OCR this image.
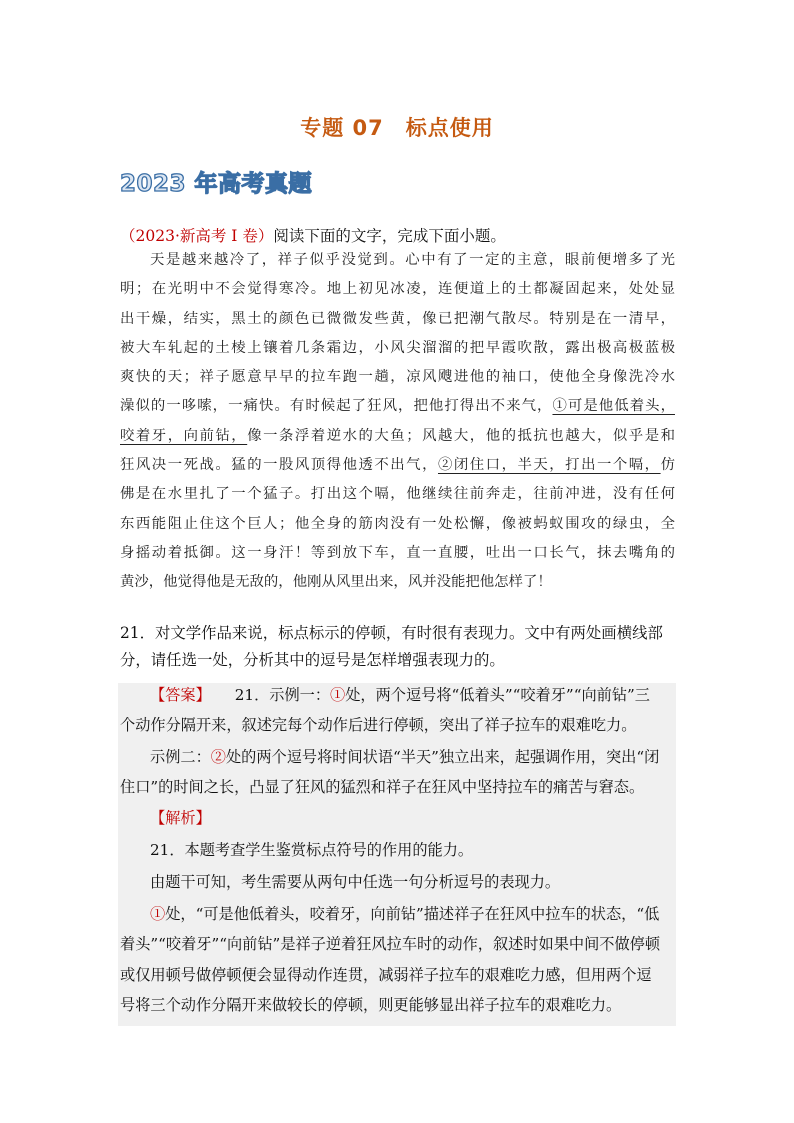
专题 07　标点使用
2023 年高考真题
（2023·新高考 I 卷）阅读下面的文字，完成下面小题。
天是越来越冷了，祥子似乎没觉到。心中有了一定的主意，眼前便增多了光
明；在光明中不会觉得寒冷。地上初见冰凌，连便道上的土都凝固起来，处处显
出干燥，结实，黑土的颜色已微微发些黄，像已把潮气散尽。特别是在一清早，
被大车轧起的土棱上镶着几条霜边，小风尖溜溜的把早霞吹散，露出极高极蓝极
爽快的天；祥子愿意早早的拉车跑一趟，凉风飕进他的袖口，使他全身像洗冷水
澡似的一哆嗦，一痛快。有时候起了狂风，把他打得出不来气，①可是他低着头，
咬着牙，向前钻，像一条浮着逆水的大鱼；风越大，他的抵抗也越大，似乎是和
狂风决一死战。猛的一股风顶得他透不出气，②闭住口，半天，打出一个嗝，仿
佛是在水里扎了一个猛子。打出这个嗝，他继续往前奔走，往前冲进，没有任何
东西能阻止住这个巨人；他全身的筋肉没有一处松懈，像被蚂蚁围攻的绿虫，全
身摇动着抵御。这一身汗！等到放下车，直一直腰，吐出一口长气，抹去嘴角的
黄沙，他觉得他是无敌的，他刚从风里出来，风并没能把他怎样了！
21．对文学作品来说，标点标示的停顿，有时很有表现力。文中有两处画横线部
分，请任选一处，分析其中的逗号是怎样增强表现力的。
【答案】 21．示例一：①处，两个逗号将“低着头”“咬着牙”“向前钻”三
个动作分隔开来，叙述完每个动作后进行停顿，突出了祥子拉车的艰难吃力。
示例二：②处的两个逗号将时间状语“半天”独立出来，起强调作用，突出“闭
住口”的时间之长，凸显了狂风的猛烈和祥子在狂风中坚持拉车的痛苦与窘态。
【解析】
21．本题考查学生鉴赏标点符号的作用的能力。
由题干可知，考生需要从两句中任选一句分析逗号的表现力。
①处，“可是他低着头，咬着牙，向前钻”描述祥子在狂风中拉车的状态，“低
着头”“咬着牙”“向前钻”是祥子逆着狂风拉车时的动作，叙述时如果中间不做停顿
或仅用顿号做停顿便会显得动作连贯，减弱祥子拉车的艰难吃力感，但用两个逗
号将三个动作分隔开来做较长的停顿，则更能够显出祥子拉车的艰难吃力。
